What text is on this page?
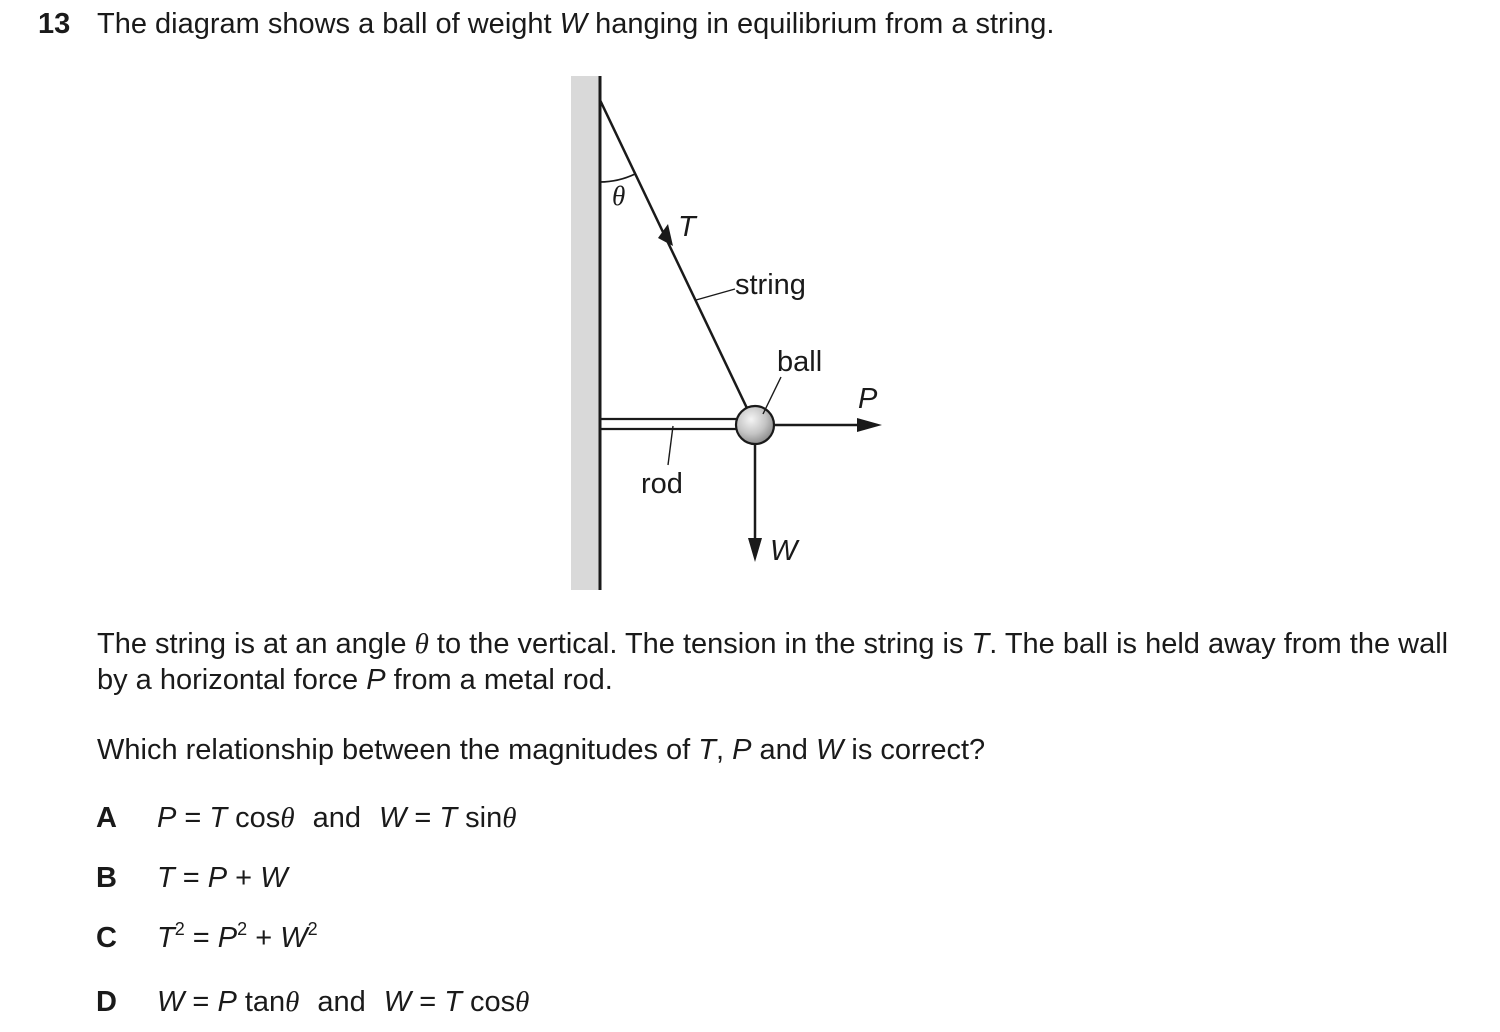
13 The diagram shows a ball of weight W hanging in equilibrium from a string.
θ
T
string
ball
P
rod
W
The string is at an angle θ to the vertical. The tension in the string is T. The ball is held away from the wall by a horizontal force P from a metal rod.
Which relationship between the magnitudes of T, P and W is correct?
A P = T cosθ and W = T sinθ
B T = P + W
C $T^2 = P^2 + W^2$
D W = P tanθ and W = T cosθ
